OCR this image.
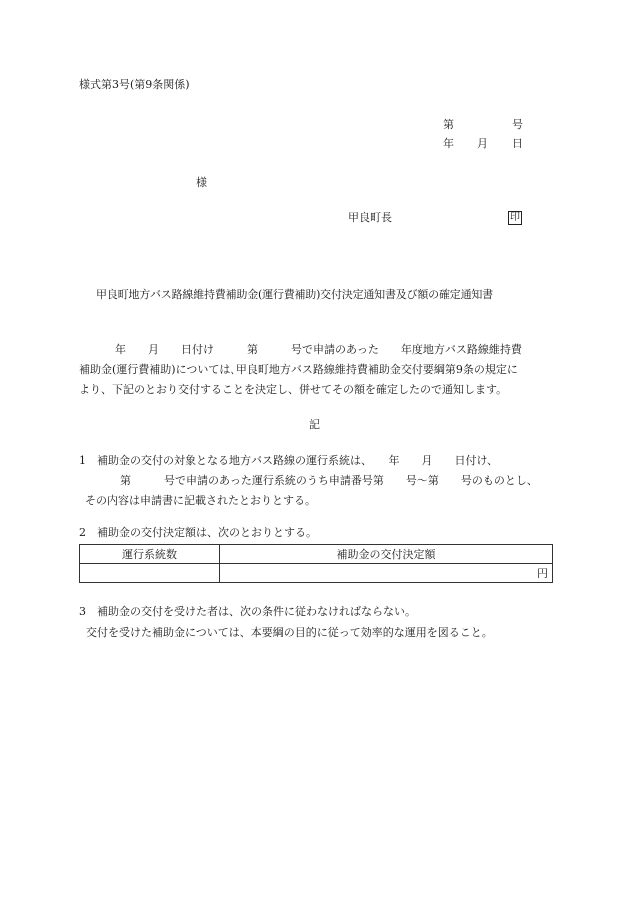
様式第3号(第9条関係)
第	号
年 月 日
様
甲良町長	印
甲良町地方バス路線維持費補助金(運行費補助)交付決定通知書及び額の確定通知書
年　　月　　日付け　　　第　　　号で申請のあった　　年度地方バス路線維持費
補助金(運行費補助)については､甲良町地方バス路線維持費補助金交付要綱第9条の規定に
より、下記のとおり交付することを決定し、併せてその額を確定したので通知します。
記
1　補助金の交付の対象となる地方バス路線の運行系統は、　　年　　月　　日付け、
第　　　号で申請のあった運行系統のうち申請番号第　　号～第　　号のものとし、
その内容は申請書に記載されたとおりとする。
2　補助金の交付決定額は、次のとおりとする。
運行系統数	補助金の交付決定額
	円
3　補助金の交付を受けた者は、次の条件に従わなければならない。
交付を受けた補助金については、本要綱の目的に従って効率的な運用を図ること。
